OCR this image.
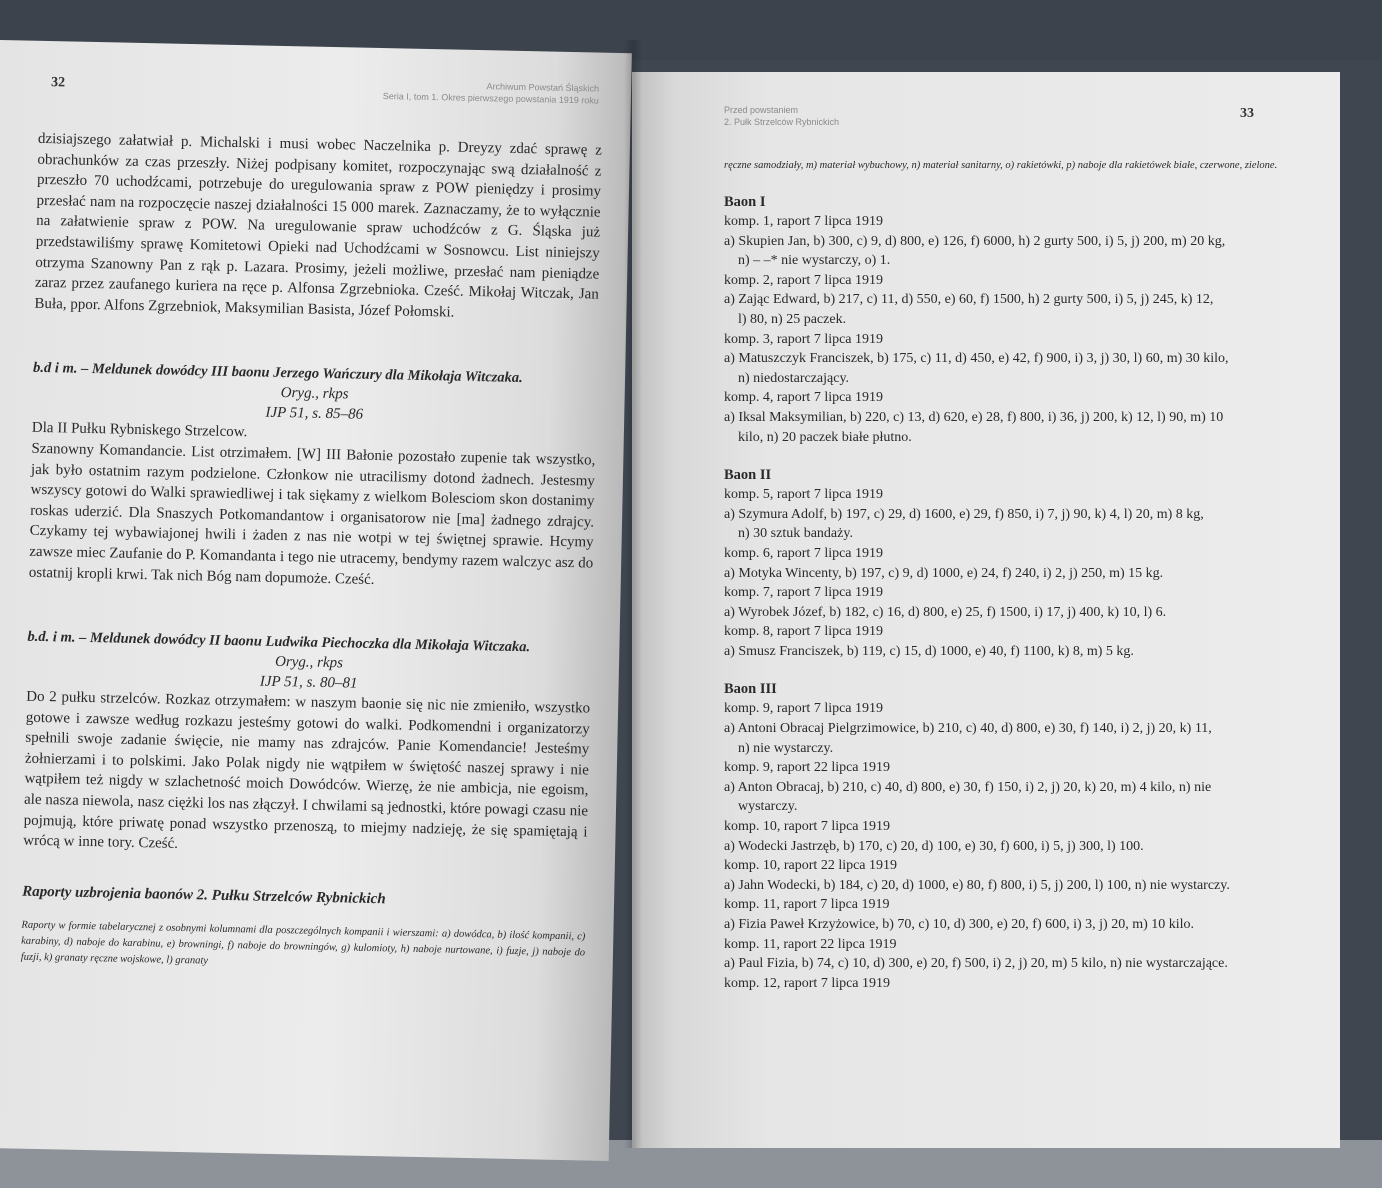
32	Archiwum Powstań Śląskich
Seria I, tom 1. Okres pierwszego powstania 1919 roku

dzisiajszego załatwiał p. Michalski i musi wobec Naczelnika p. Dreyzy zdać sprawę z obrachunków za czas przeszły. Niżej podpisany komitet, rozpoczynając swą działalność z przeszło 70 uchodźcami, potrzebuje do uregulowania spraw z POW pieniędzy i prosimy przesłać nam na rozpoczęcie naszej działalności 15 000 marek. Zaznaczamy, że to wyłącznie na załatwienie spraw z POW. Na uregulowanie spraw uchodźców z G. Śląska już przedstawiliśmy sprawę Komitetowi Opieki nad Uchodźcami w Sosnowcu. List niniejszy otrzyma Szanowny Pan z rąk p. Lazara. Prosimy, jeżeli możliwe, przesłać nam pieniądze zaraz przez zaufanego kuriera na ręce p. Alfonsa Zgrzebnioka. Cześć. Mikołaj Witczak, Jan Buła, ppor. Alfons Zgrzebniok, Maksymilian Basista, Józef Połomski.

b.d i m. – Meldunek dowódcy III baonu Jerzego Wańczury dla Mikołaja Witczaka.

Oryg., rkps

IJP 51, s. 85–86

Dla II Pułku Rybniskego Strzelcow.

Szanowny Komandancie. List otrzimałem. [W] III Bałonie pozostało zupenie tak wszystko, jak było ostatnim razym podzielone. Członkow nie utracilismy dotond żadnech. Jestesmy wszyscy gotowi do Walki sprawiedliwej i tak siękamy z wielkom Bolesciom skon dostanimy roskas uderzić. Dla Snaszych Potkomandantow i organisatorow nie [ma] żadnego zdrajcy. Czykamy tej wybawiajonej hwili i żaden z nas nie wotpi w tej świętnej sprawie. Hcymy zawsze miec Zaufanie do P. Komandanta i tego nie utracemy, bendymy razem walczyc asz do ostatnij kropli krwi. Tak nich Bóg nam dopumoże. Cześć.

b.d. i m. – Meldunek dowódcy II baonu Ludwika Piechoczka dla Mikołaja Witczaka.

Oryg., rkps

IJP 51, s. 80–81

Do 2 pułku strzelców. Rozkaz otrzymałem: w naszym baonie się nic nie zmieniło, wszystko gotowe i zawsze według rozkazu jesteśmy gotowi do walki. Podkomendni i organizatorzy spełnili swoje zadanie święcie, nie mamy nas zdrajców. Panie Komendancie! Jesteśmy żołnierzami i to polskimi. Jako Polak nigdy nie wątpiłem w świętość naszej sprawy i nie wątpiłem też nigdy w szlachetność moich Dowódców. Wierzę, że nie ambicja, nie egoism, ale nasza niewola, nasz ciężki los nas złączył. I chwilami są jednostki, które powagi czasu nie pojmują, które priwatę ponad wszystko przenoszą, to miejmy nadzieję, że się spamiętają i wrócą w inne tory. Cześć.

Raporty uzbrojenia baonów 2. Pułku Strzelców Rybnickich

Raporty w formie tabelarycznej z osobnymi kolumnami dla poszczególnych kompanii i wierszami: a) dowódca, b) ilość kompanii, c) karabiny, d) naboje do karabinu, e) browningi, f) naboje do browningów, g) kulomioty, h) naboje nurtowane, i) fuzje, j) naboje do fuzji, k) granaty ręczne wojskowe, l) granaty

Przed powstaniem
2. Pułk Strzelców Rybnickich
33

ręczne samodziały, m) materiał wybuchowy, n) materiał sanitarny, o) rakietówki, p) naboje dla rakietówek białe, czerwone, zielone.

Baon I
komp. 1, raport 7 lipca 1919
a) Skupien Jan, b) 300, c) 9, d) 800, e) 126, f) 6000, h) 2 gurty 500, i) 5, j) 200, m) 20 kg,
n) – –* nie wystarczy, o) 1.
komp. 2, raport 7 lipca 1919
a) Zając Edward, b) 217, c) 11, d) 550, e) 60, f) 1500, h) 2 gurty 500, i) 5, j) 245, k) 12,
l) 80, n) 25 paczek.
komp. 3, raport 7 lipca 1919
a) Matuszczyk Franciszek, b) 175, c) 11, d) 450, e) 42, f) 900, i) 3, j) 30, l) 60, m) 30 kilo,
n) niedostarczający.
komp. 4, raport 7 lipca 1919
a) Iksal Maksymilian, b) 220, c) 13, d) 620, e) 28, f) 800, i) 36, j) 200, k) 12, l) 90, m) 10
kilo, n) 20 paczek białe płutno.
Baon II
komp. 5, raport 7 lipca 1919
a) Szymura Adolf, b) 197, c) 29, d) 1600, e) 29, f) 850, i) 7, j) 90, k) 4, l) 20, m) 8 kg,
n) 30 sztuk bandaży.
komp. 6, raport 7 lipca 1919
a) Motyka Wincenty, b) 197, c) 9, d) 1000, e) 24, f) 240, i) 2, j) 250, m) 15 kg.
komp. 7, raport 7 lipca 1919
a) Wyrobek Józef, b) 182, c) 16, d) 800, e) 25, f) 1500, i) 17, j) 400, k) 10, l) 6.
komp. 8, raport 7 lipca 1919
a) Smusz Franciszek, b) 119, c) 15, d) 1000, e) 40, f) 1100, k) 8, m) 5 kg.
Baon III
komp. 9, raport 7 lipca 1919
a) Antoni Obracaj Pielgrzimowice, b) 210, c) 40, d) 800, e) 30, f) 140, i) 2, j) 20, k) 11,
n) nie wystarczy.
komp. 9, raport 22 lipca 1919
a) Anton Obracaj, b) 210, c) 40, d) 800, e) 30, f) 150, i) 2, j) 20, k) 20, m) 4 kilo, n) nie
wystarczy.
komp. 10, raport 7 lipca 1919
a) Wodecki Jastrzęb, b) 170, c) 20, d) 100, e) 30, f) 600, i) 5, j) 300, l) 100.
komp. 10, raport 22 lipca 1919
a) Jahn Wodecki, b) 184, c) 20, d) 1000, e) 80, f) 800, i) 5, j) 200, l) 100, n) nie wystarczy.
komp. 11, raport 7 lipca 1919
a) Fizia Paweł Krzyżowice, b) 70, c) 10, d) 300, e) 20, f) 600, i) 3, j) 20, m) 10 kilo.
komp. 11, raport 22 lipca 1919
a) Paul Fizia, b) 74, c) 10, d) 300, e) 20, f) 500, i) 2, j) 20, m) 5 kilo, n) nie wystarczające.
komp. 12, raport 7 lipca 1919
